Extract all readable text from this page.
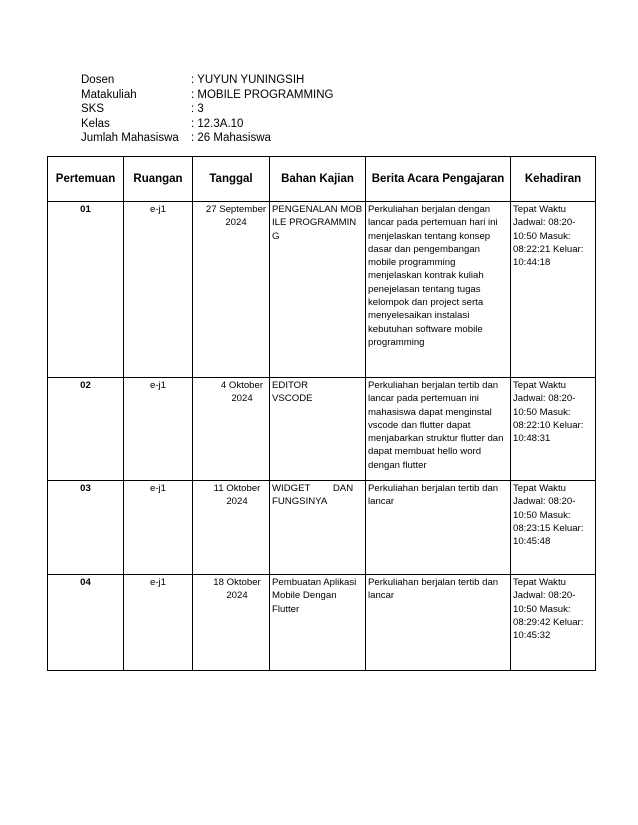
Dosen	: YUYUN YUNINGSIH
Matakuliah	: MOBILE PROGRAMMING
SKS	: 3
Kelas	: 12.3A.10
Jumlah Mahasiswa	: 26 Mahasiswa
Pertemuan	Ruangan	Tanggal	Bahan Kajian	Berita Acara Pengajaran	Kehadiran
01	e-j1	27 September 2024	PENGENALAN MOBILE PROGRAMMIN G	Perkuliahan berjalan dengan lancar pada pertemuan hari ini menjelaskan tentang konsep dasar dan pengembangan mobile programming menjelaskan kontrak kuliah penejelasan tentang tugas kelompok dan project serta menyelesaikan instalasi kebutuhan software mobile programming	Tepat Waktu Jadwal: 08:20-10:50 Masuk: 08:22:21 Keluar: 10:44:18
02	e-j1	4 Oktober 2024	EDITOR VSCODE	Perkuliahan berjalan tertib dan lancar pada pertemuan ini mahasiswa dapat menginstal vscode dan flutter dapat menjabarkan struktur flutter dan dapat membuat hello word dengan flutter	Tepat Waktu Jadwal: 08:20-10:50 Masuk: 08:22:10 Keluar: 10:48:31
03	e-j1	11 Oktober 2024	WIDGET DAN FUNGSINYA	Perkuliahan berjalan tertib dan lancar	Tepat Waktu Jadwal: 08:20-10:50 Masuk: 08:23:15 Keluar: 10:45:48
04	e-j1	18 Oktober 2024	Pembuatan Aplikasi Mobile Dengan Flutter	Perkuliahan berjalan tertib dan lancar	Tepat Waktu Jadwal: 08:20-10:50 Masuk: 08:29:42 Keluar: 10:45:32
